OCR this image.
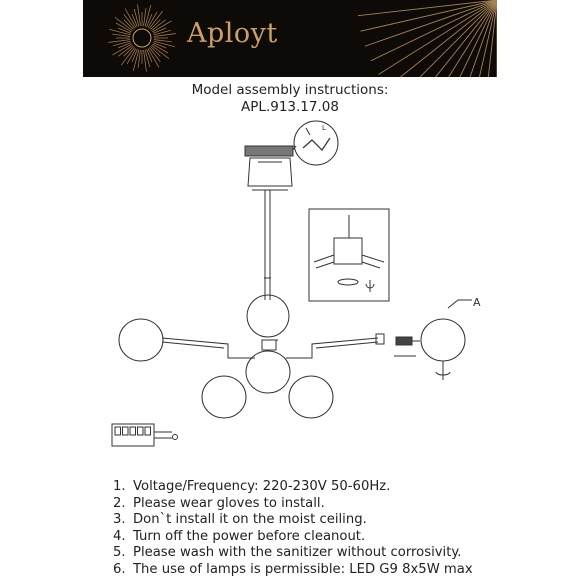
Aployt
Model assembly instructions:
APL.913.17.08
L
A
1. Voltage/Frequency: 220-230V 50-60Hz.
2. Please wear gloves to install.
3. Don`t install it on the moist ceiling.
4. Turn off the power before cleanout.
5. Please wash with the sanitizer without corrosivity.
6. The use of lamps is permissible: LED G9 8x5W max
